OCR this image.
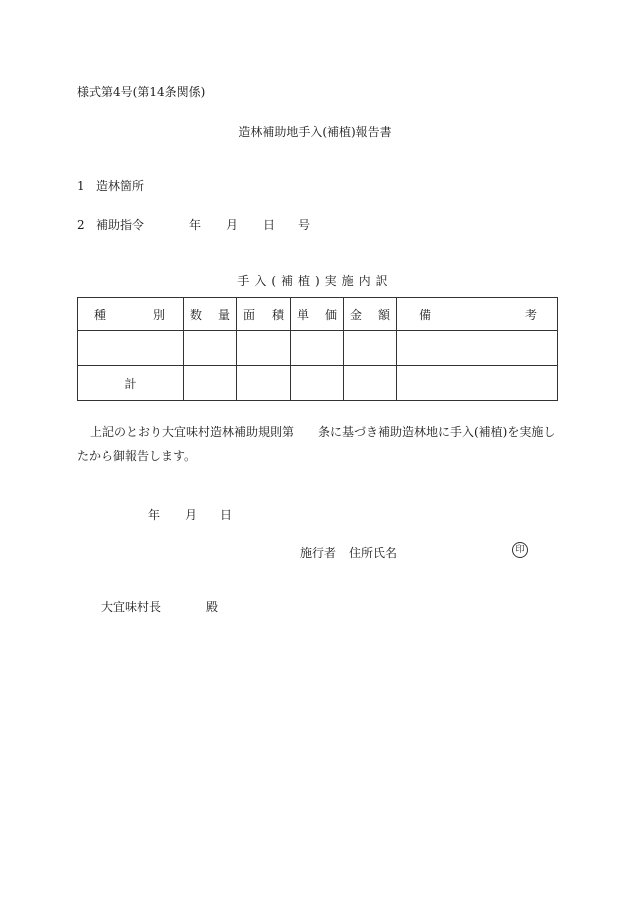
様式第4号(第14条関係)
造林補助地手入(補植)報告書
1 造林箇所
2 補助指令	年 月 日 号
手入(補植)実施内訳
種 別	数 量	面 積	単 価	金 額	備 考

計					
上記のとおり大宜味村造林補助規則第　　条に基づき補助造林地に手入(補植)を実施し
たから御報告します。
年 月 日
施行者 住所氏名	印
大宜味村長	殿
